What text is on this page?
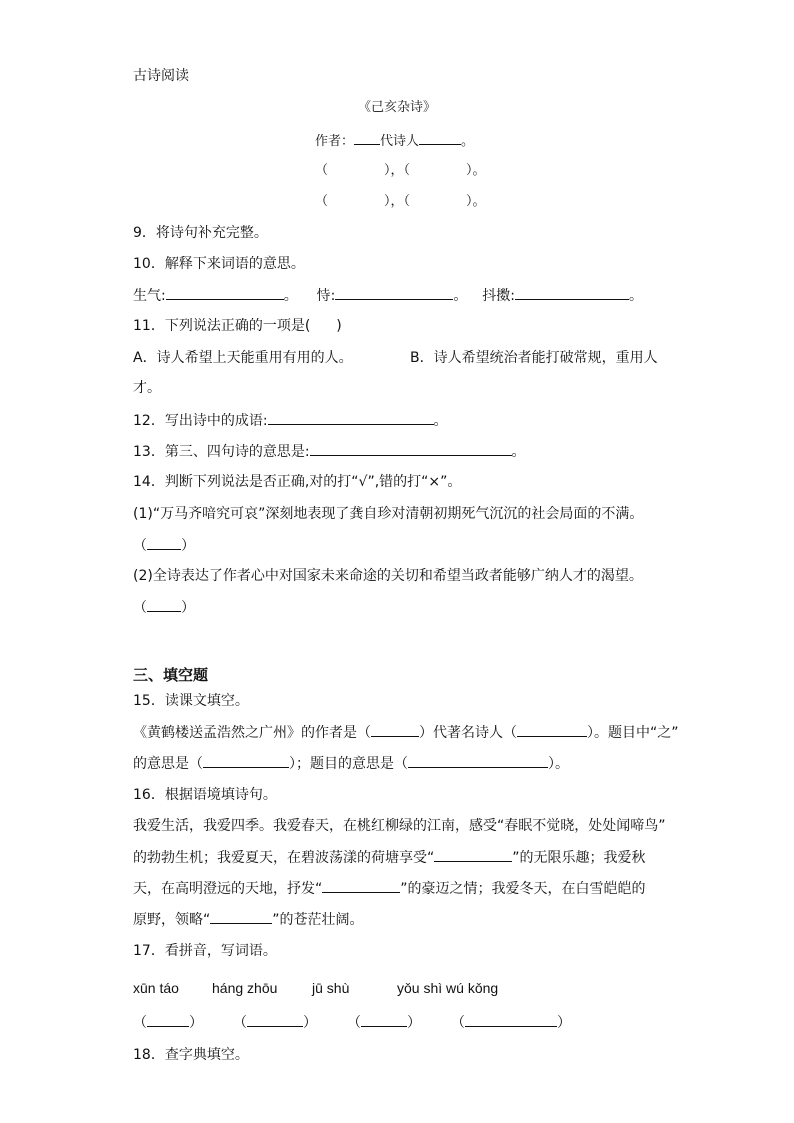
古诗阅读
《己亥杂诗》
作者： 代诗人	。
（	），（	）。
（	），（	）。
9．将诗句补充完整。
10．解释下来词语的意思。
生气:	。 恃:	。 抖擞:	。
11．下列说法正确的一项是( )
A．诗人希望上天能重用有用的人。	B．诗人希望统治者能打破常规，重用人
才。
12．写出诗中的成语:	。
13．第三、四句诗的意思是:	。
14．判断下列说法是否正确,对的打“√”,错的打“×”。
(1)“万马齐喑究可哀”深刻地表现了龚自珍对清朝初期死气沉沉的社会局面的不满。
（ ）
(2)全诗表达了作者心中对国家未来命途的关切和希望当政者能够广纳人才的渴望。
（ ）
三、填空题
15．读课文填空。
《黄鹤楼送孟浩然之广州》的作者是（	）代著名诗人（	）。题目中“之”
的意思是（	）；题目的意思是（	）。
16．根据语境填诗句。
我爱生活，我爱四季。我爱春天，在桃红柳绿的江南，感受“春眠不觉晓，处处闻啼鸟”
的勃勃生机；我爱夏天，在碧波荡漾的荷塘享受“	”的无限乐趣；我爱秋
天，在高明澄远的天地，抒发“	”的豪迈之情；我爱冬天，在白雪皑皑的
原野，领略“	”的苍茫壮阔。
17．看拼音，写词语。
xūn táo háng zhōu jū shù	yǒu shì wú kǒng
（	） （	） （	） （	）
18．查字典填空。
